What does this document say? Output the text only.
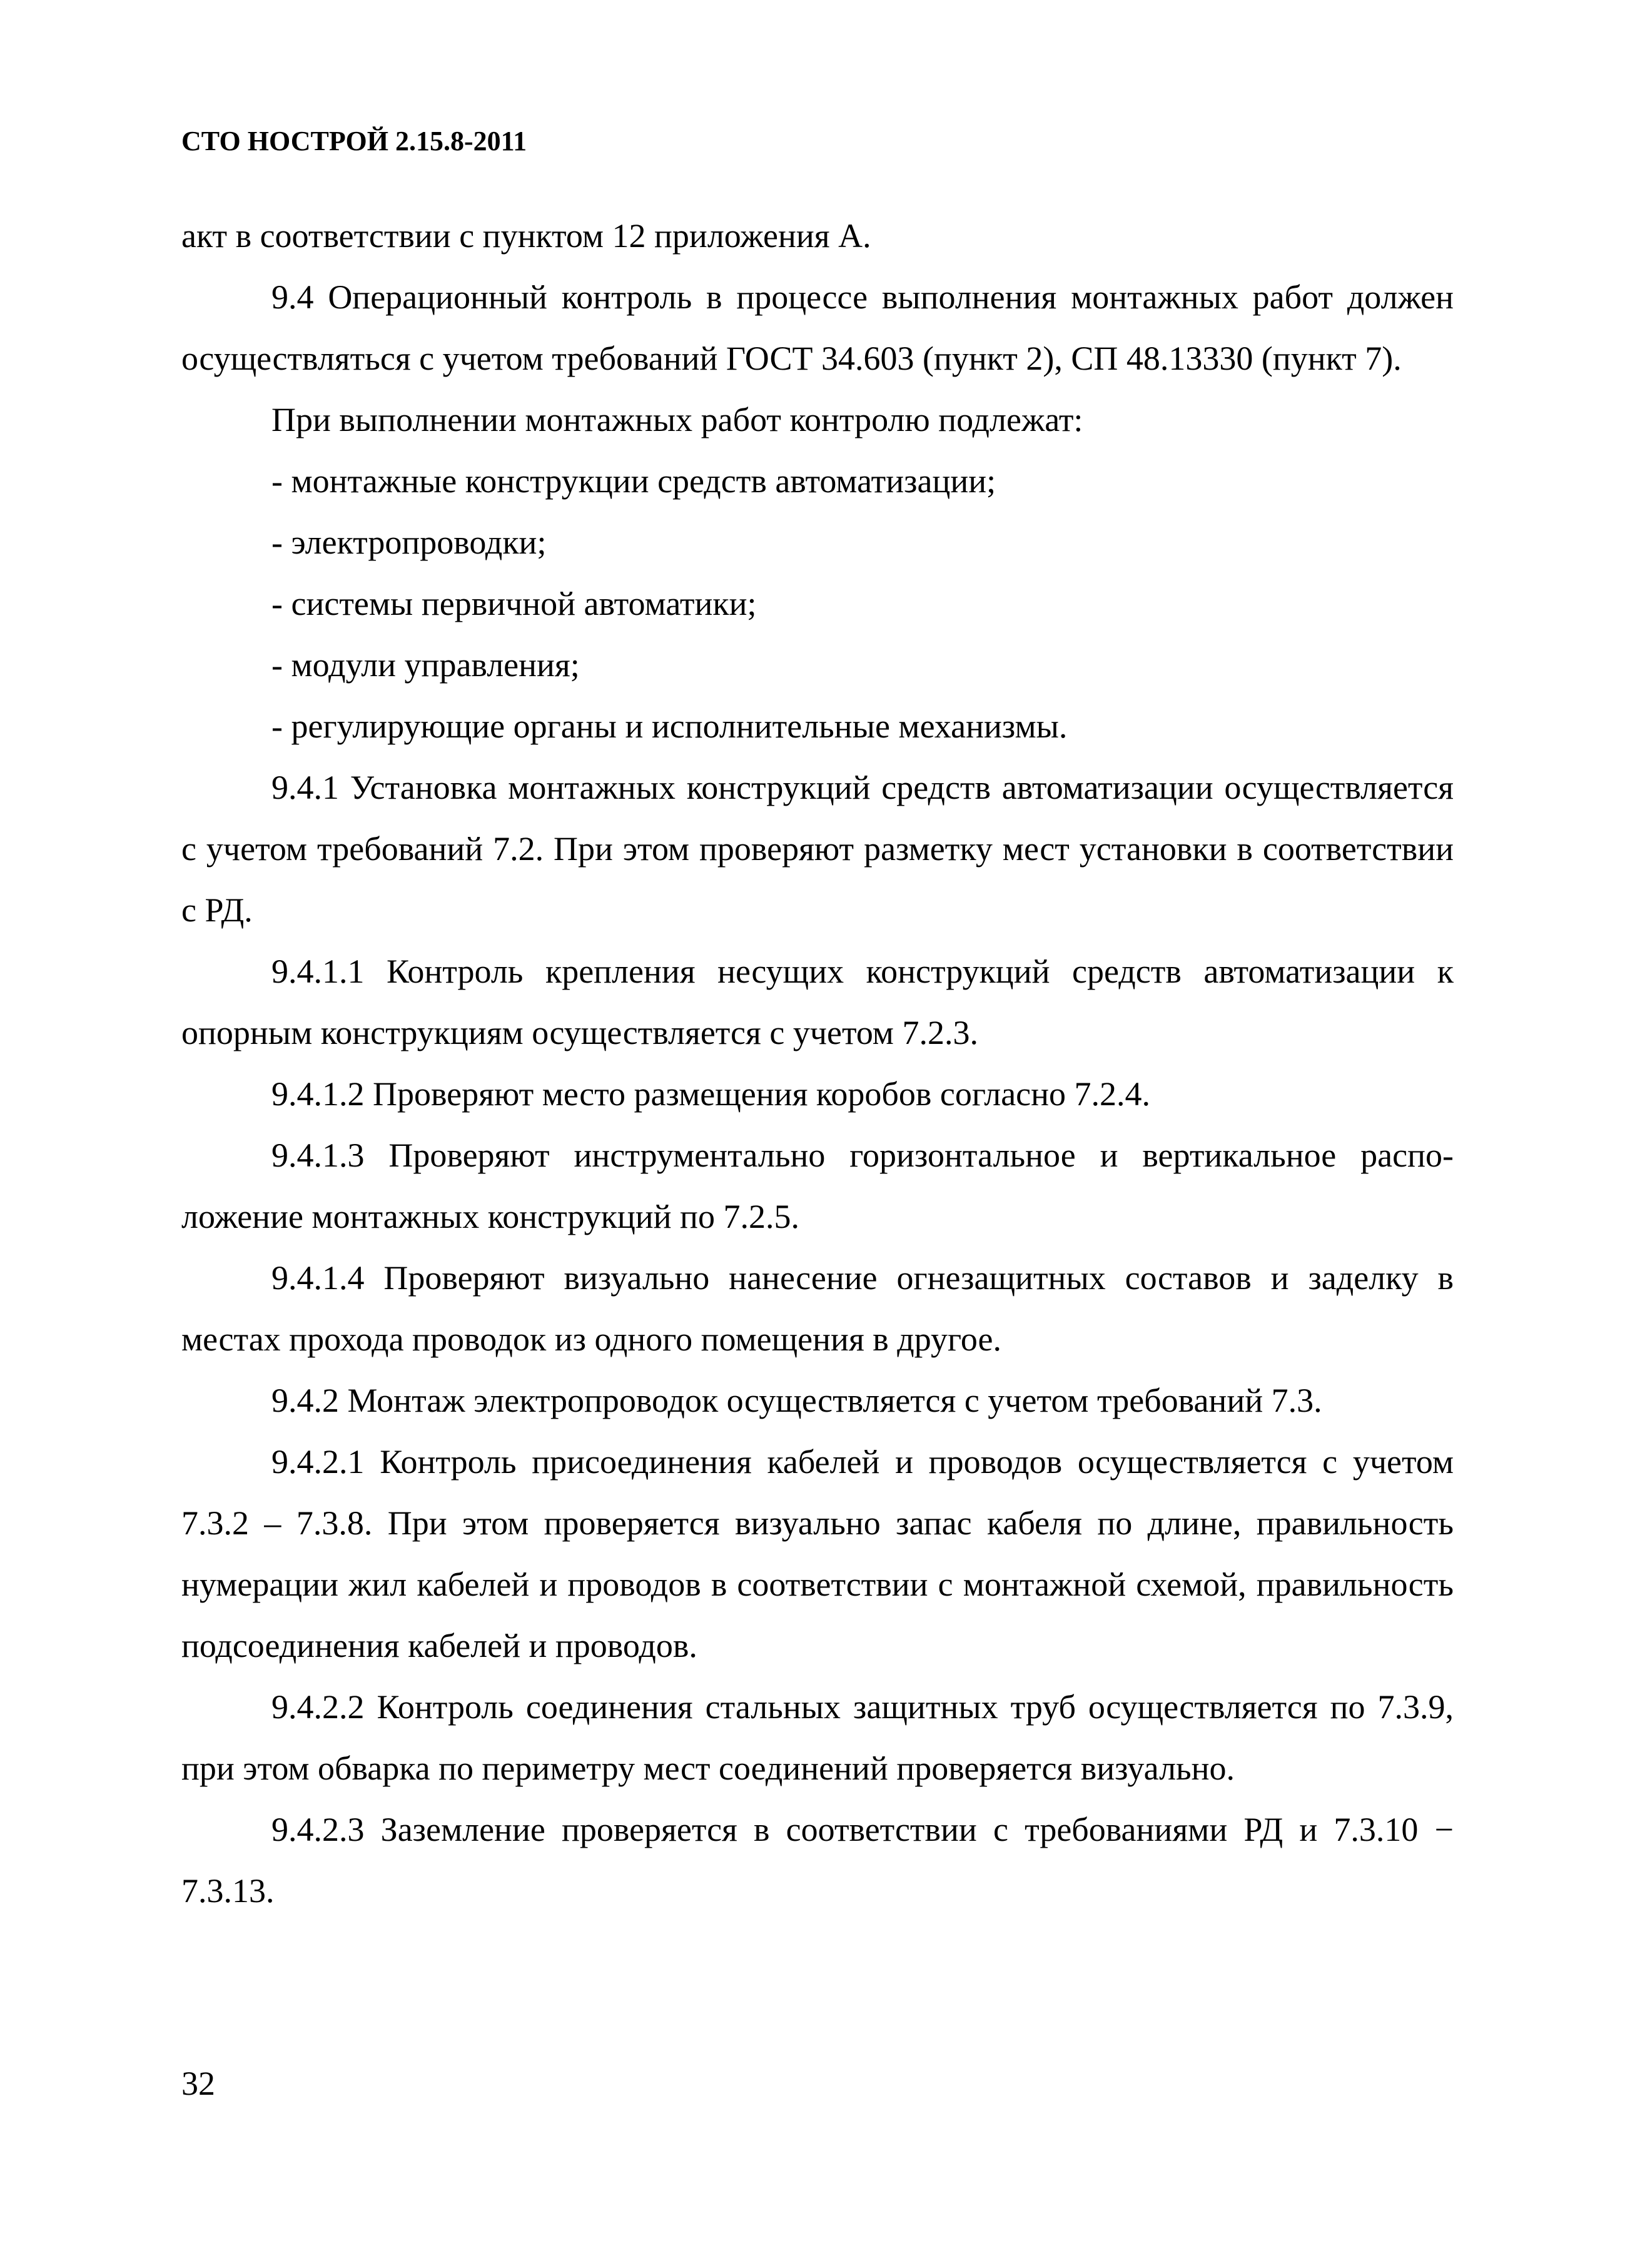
СТО НОСТРОЙ 2.15.8-2011

акт в соответствии с пунктом 12 приложения А.

9.4 Операционный контроль в процессе выполнения монтажных работ должен осуществляться с учетом требований ГОСТ 34.603 (пункт 2), СП 48.13330 (пункт 7).

При выполнении монтажных работ контролю подлежат:

- монтажные конструкции средств автоматизации;

- электропроводки;

- системы первичной автоматики;

- модули управления;

- регулирующие органы и исполнительные механизмы.

9.4.1 Установка монтажных конструкций средств автоматизации осуществляется с учетом требований 7.2. При этом проверяют разметку мест установки в соответствии с РД.

9.4.1.1 Контроль крепления несущих конструкций средств автоматизации к опорным конструкциям осуществляется с учетом 7.2.3.

9.4.1.2 Проверяют место размещения коробов согласно 7.2.4.

9.4.1.3 Проверяют инструментально горизонтальное и вертикальное расположение монтажных конструкций по 7.2.5.

9.4.1.4 Проверяют визуально нанесение огнезащитных составов и заделку в местах прохода проводок из одного помещения в другое.

9.4.2 Монтаж электропроводок осуществляется с учетом требований 7.3.

9.4.2.1 Контроль присоединения кабелей и проводов осуществляется с учетом 7.3.2 – 7.3.8. При этом проверяется визуально запас кабеля по длине, правильность нумерации жил кабелей и проводов в соответствии с монтажной схемой, правильность подсоединения кабелей и проводов.

9.4.2.2 Контроль соединения стальных защитных труб осуществляется по 7.3.9, при этом обварка по периметру мест соединений проверяется визуально.

9.4.2.3 Заземление проверяется в соответствии с требованиями РД и 7.3.10 − 7.3.13.

32
